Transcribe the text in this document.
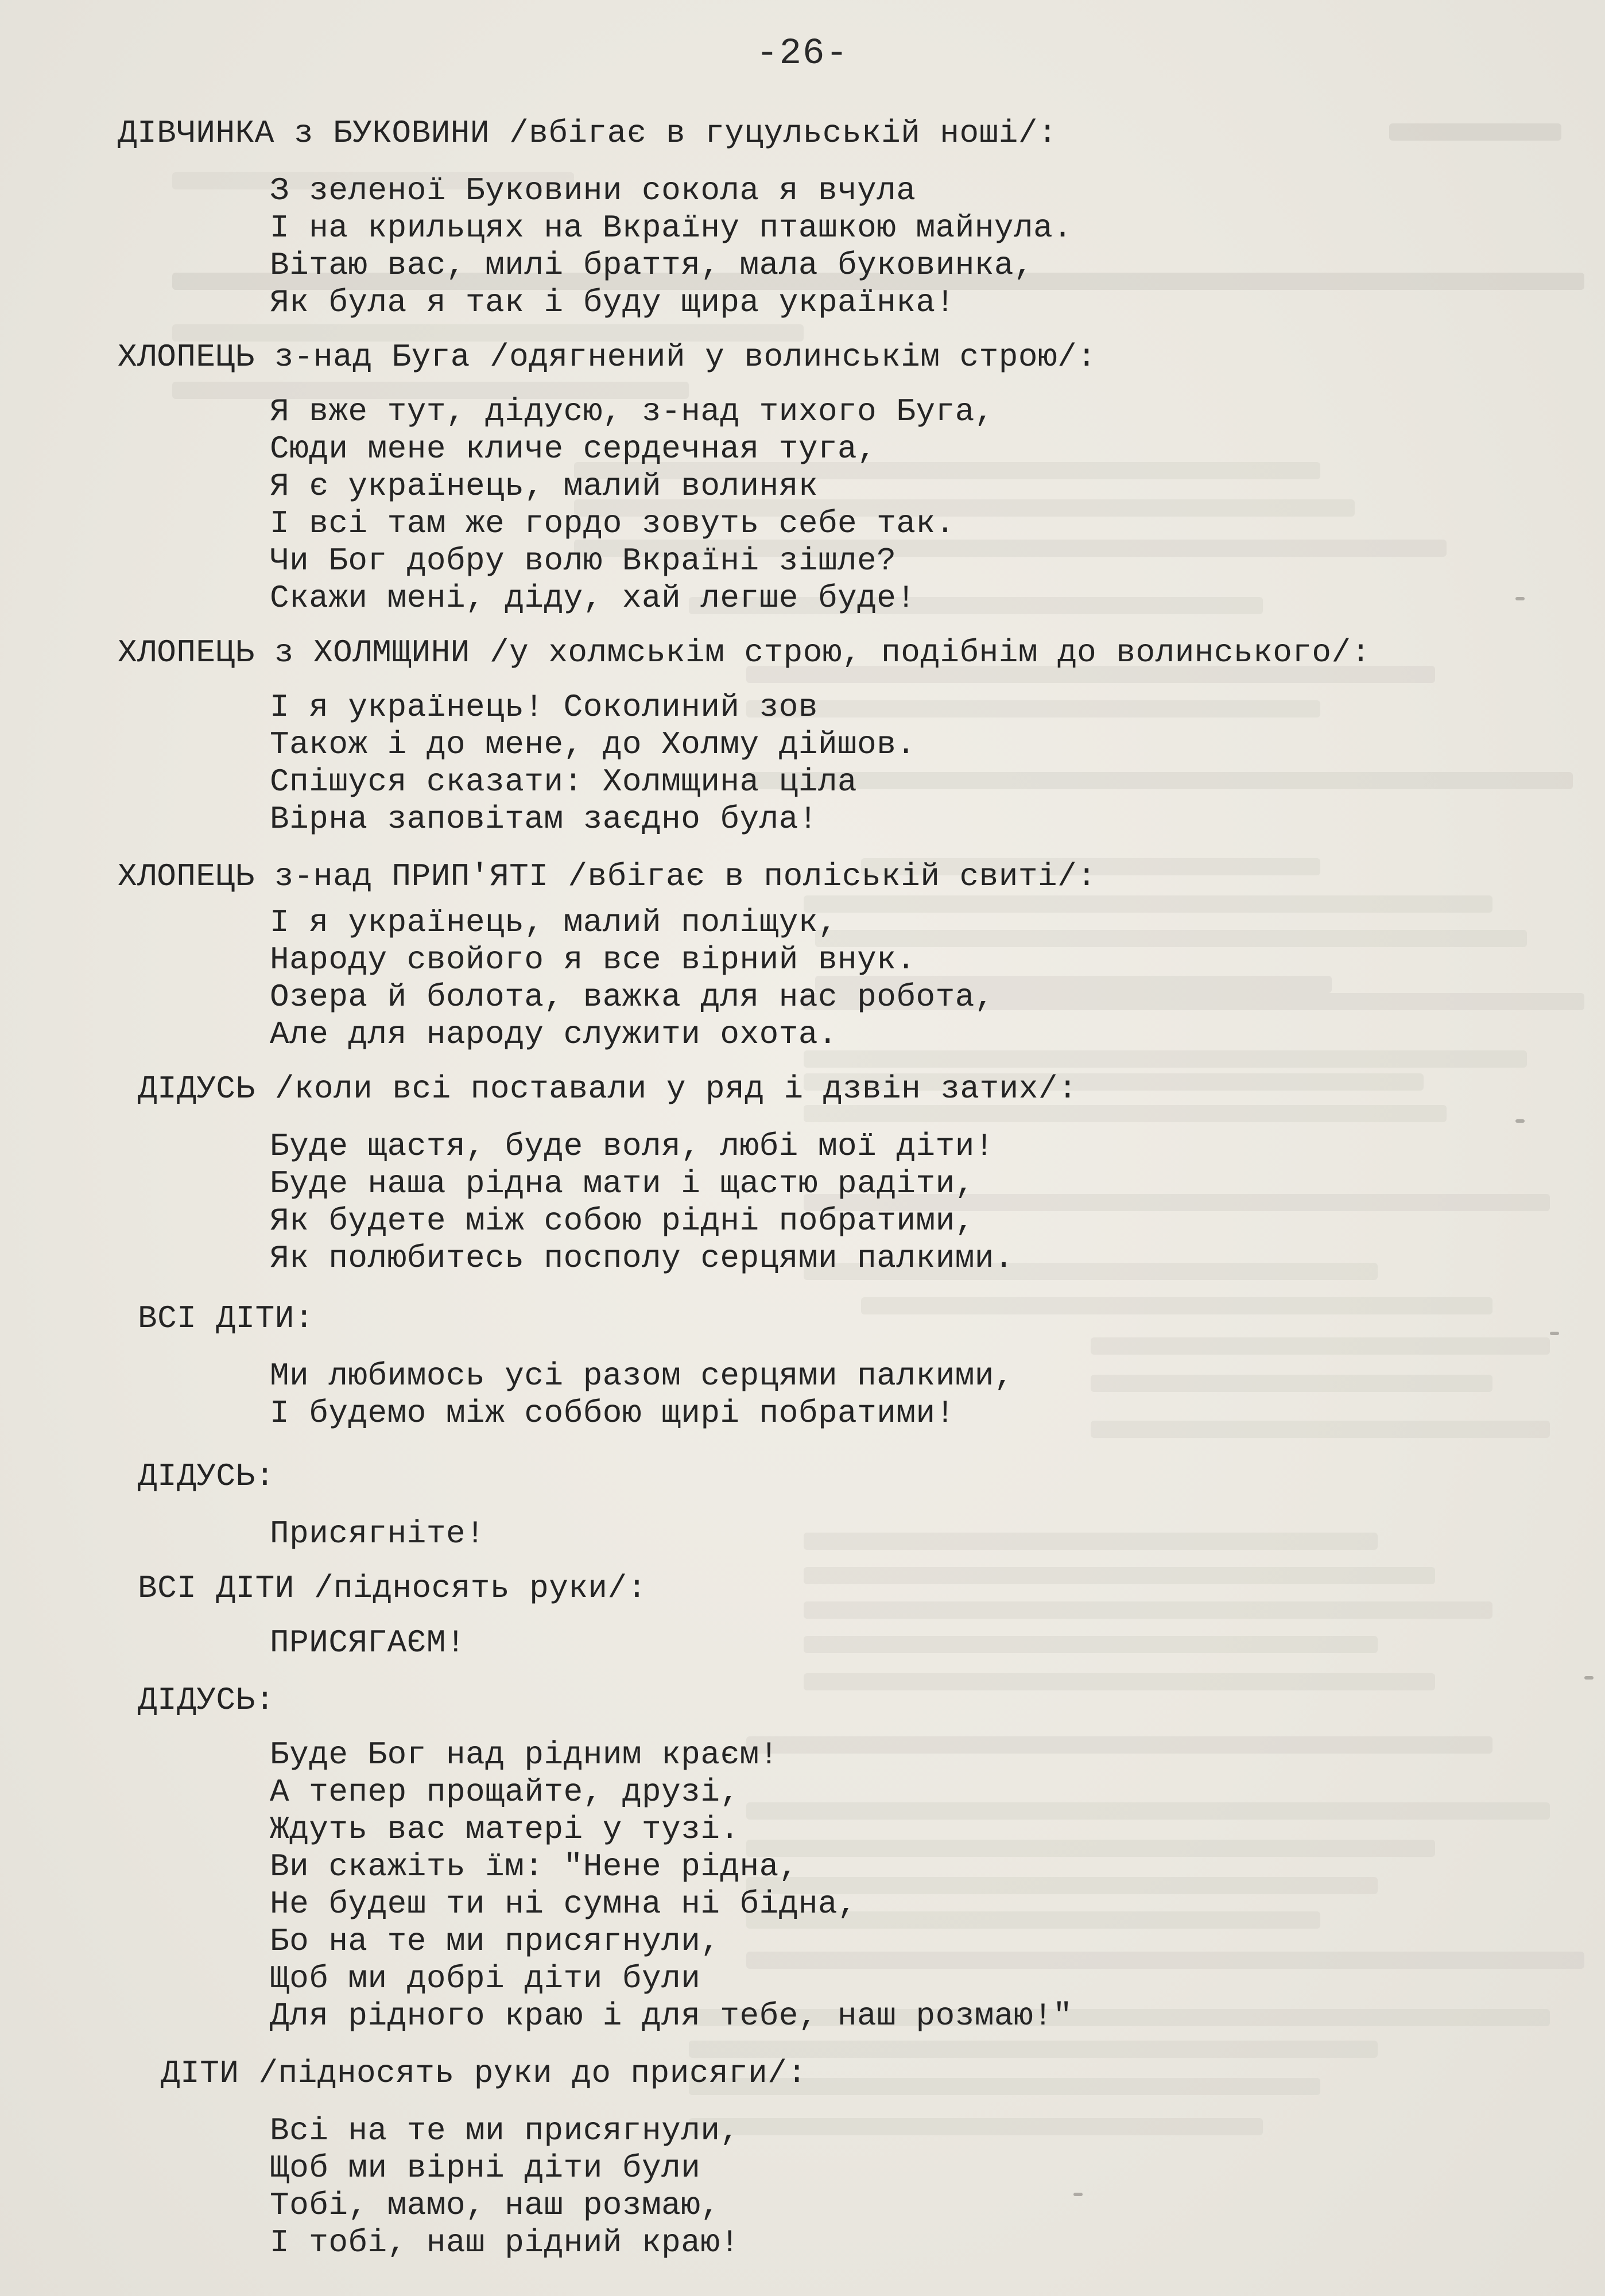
-26-
ДІВЧИНКА з БУКОВИНИ /вбігає в гуцульській ноші/:
З зеленої Буковини сокола я вчула
І на крильцях на Вкраїну пташкою майнула.
Вітаю вас, милі браття, мала буковинка,
Як була я так і буду щира українка!
ХЛОПЕЦЬ з-над Буга /одягнений у волинськім строю/:
Я вже тут, дідусю, з-над тихого Буга,
Сюди мене кличе сердечная туга,
Я є українець, малий волиняк
І всі там же гордо зовуть себе так.
Чи Бог добру волю Вкраїні зішле?
Скажи мені, діду, хай легше буде!
ХЛОПЕЦЬ з ХОЛМЩИНИ /у холмськім строю, подібнім до волинського/:
І я українець! Соколиний зов
Також і до мене, до Холму дійшов.
Спішуся сказати: Холмщина ціла
Вірна заповітам заєдно була!
ХЛОПЕЦЬ з-над ПРИП'ЯТІ /вбігає в поліській свиті/:
І я українець, малий поліщук,
Народу свойого я все вірний внук.
Озера й болота, важка для нас робота,
Але для народу служити охота.
ДІДУСЬ /коли всі поставали у ряд і дзвін затих/:
Буде щастя, буде воля, любі мої діти!
Буде наша рідна мати і щастю радіти,
Як будете між собою рідні побратими,
Як полюбитесь посполу серцями палкими.
ВСІ ДІТИ:
Ми любимось усі разом серцями палкими,
І будемо між соббою щирі побратими!
ДІДУСЬ:
Присягніте!
ВСІ ДІТИ /підносять руки/:
ПРИСЯГАЄМ!
ДІДУСЬ:
Буде Бог над рідним краєм!
А тепер прощайте, друзі,
Ждуть вас матері у тузі.
Ви скажіть їм: "Нене рідна,
Не будеш ти ні сумна ні бідна,
Бо на те ми присягнули,
Щоб ми добрі діти були
Для рідного краю і для тебе, наш розмаю!"
ДІТИ /підносять руки до присяги/:
Всі на те ми присягнули,
Щоб ми вірні діти були
Тобі, мамо, наш розмаю,
І тобі, наш рідний краю!
